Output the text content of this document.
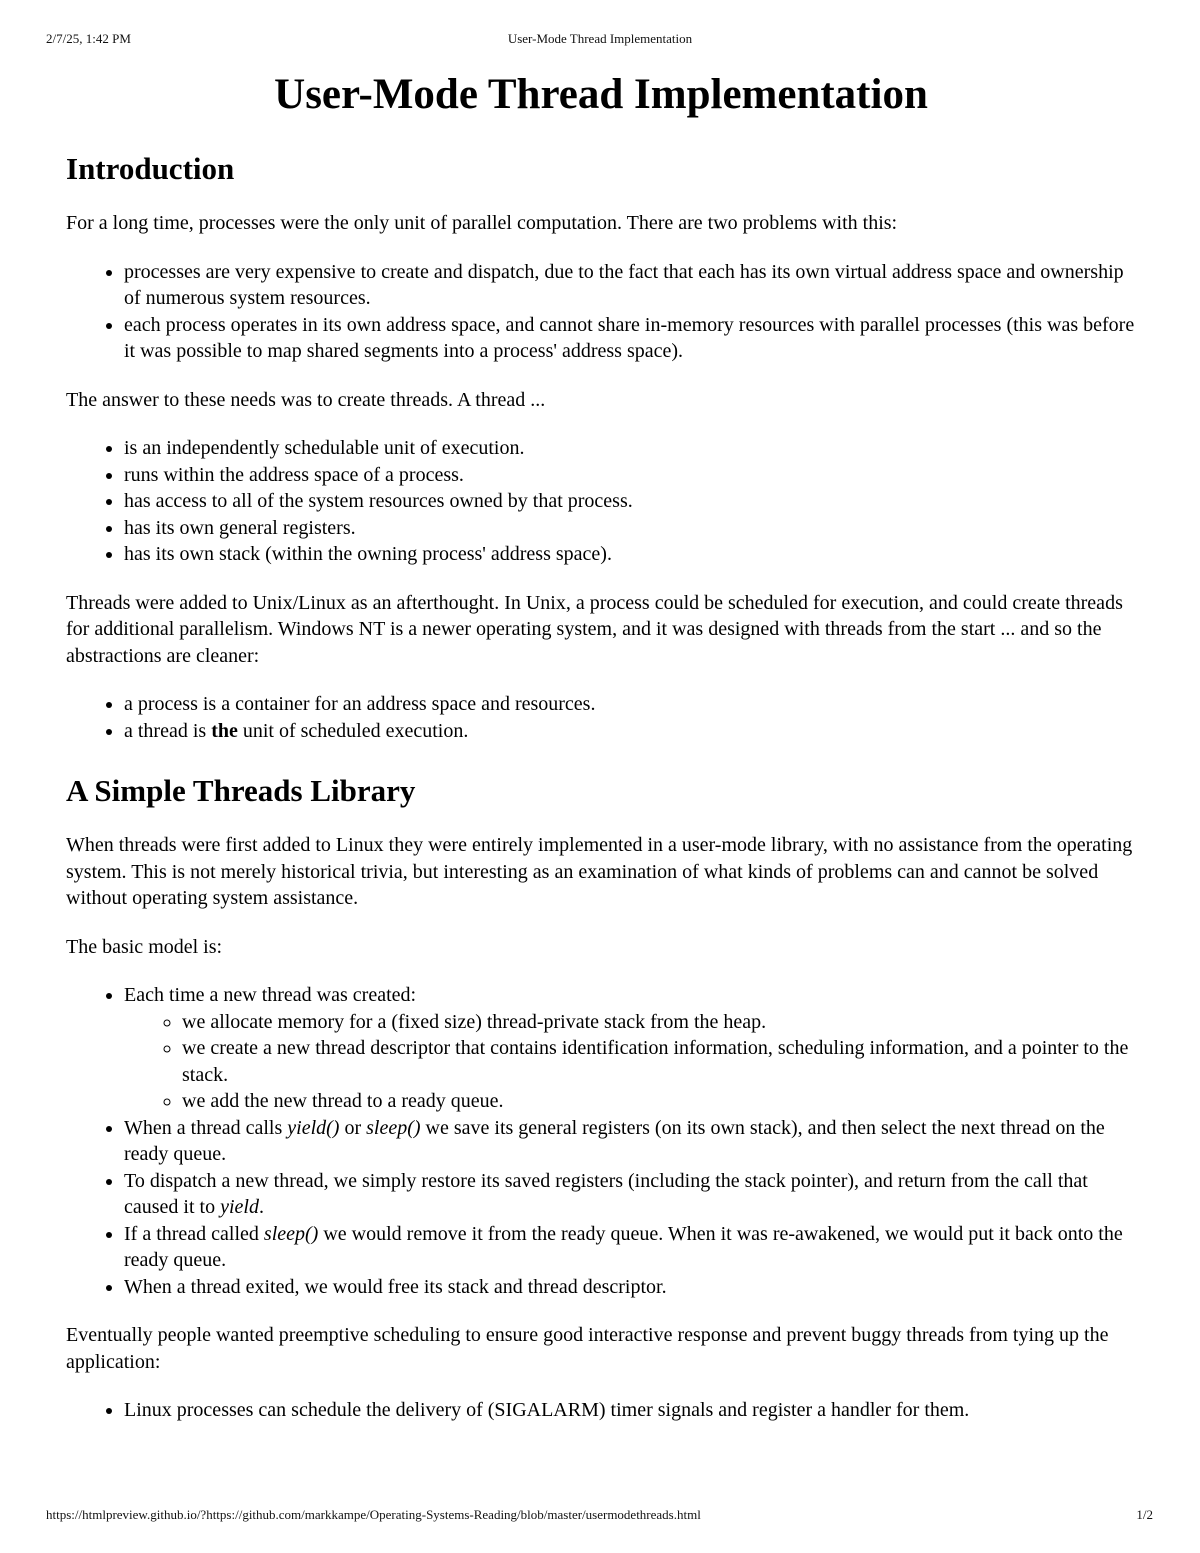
2/7/25, 1:42 PM	User-Mode Thread Implementation
User-Mode Thread Implementation
Introduction

For a long time, processes were the only unit of parallel computation. There are two problems with this:

• processes are very expensive to create and dispatch, due to the fact that each has its own virtual address space and ownership of numerous system resources.
• each process operates in its own address space, and cannot share in-memory resources with parallel processes (this was before it was possible to map shared segments into a process' address space).

The answer to these needs was to create threads. A thread ...

• is an independently schedulable unit of execution.
• runs within the address space of a process.
• has access to all of the system resources owned by that process.
• has its own general registers.
• has its own stack (within the owning process' address space).

Threads were added to Unix/Linux as an afterthought. In Unix, a process could be scheduled for execution, and could create threads for additional parallelism. Windows NT is a newer operating system, and it was designed with threads from the start ... and so the abstractions are cleaner:

• a process is a container for an address space and resources.
• a thread is the unit of scheduled execution.
A Simple Threads Library

When threads were first added to Linux they were entirely implemented in a user-mode library, with no assistance from the operating system. This is not merely historical trivia, but interesting as an examination of what kinds of problems can and cannot be solved without operating system assistance.

The basic model is:

• Each time a new thread was created:
◦ we allocate memory for a (fixed size) thread-private stack from the heap.
◦ we create a new thread descriptor that contains identification information, scheduling information, and a pointer to the stack.
◦ we add the new thread to a ready queue.
• When a thread calls yield() or sleep() we save its general registers (on its own stack), and then select the next thread on the ready queue.
• To dispatch a new thread, we simply restore its saved registers (including the stack pointer), and return from the call that caused it to yield.
• If a thread called sleep() we would remove it from the ready queue. When it was re-awakened, we would put it back onto the ready queue.
• When a thread exited, we would free its stack and thread descriptor.

Eventually people wanted preemptive scheduling to ensure good interactive response and prevent buggy threads from tying up the application:

• Linux processes can schedule the delivery of (SIGALARM) timer signals and register a handler for them.
https://htmlpreview.github.io/?https://github.com/markkampe/Operating-Systems-Reading/blob/master/usermodethreads.html	1/2
